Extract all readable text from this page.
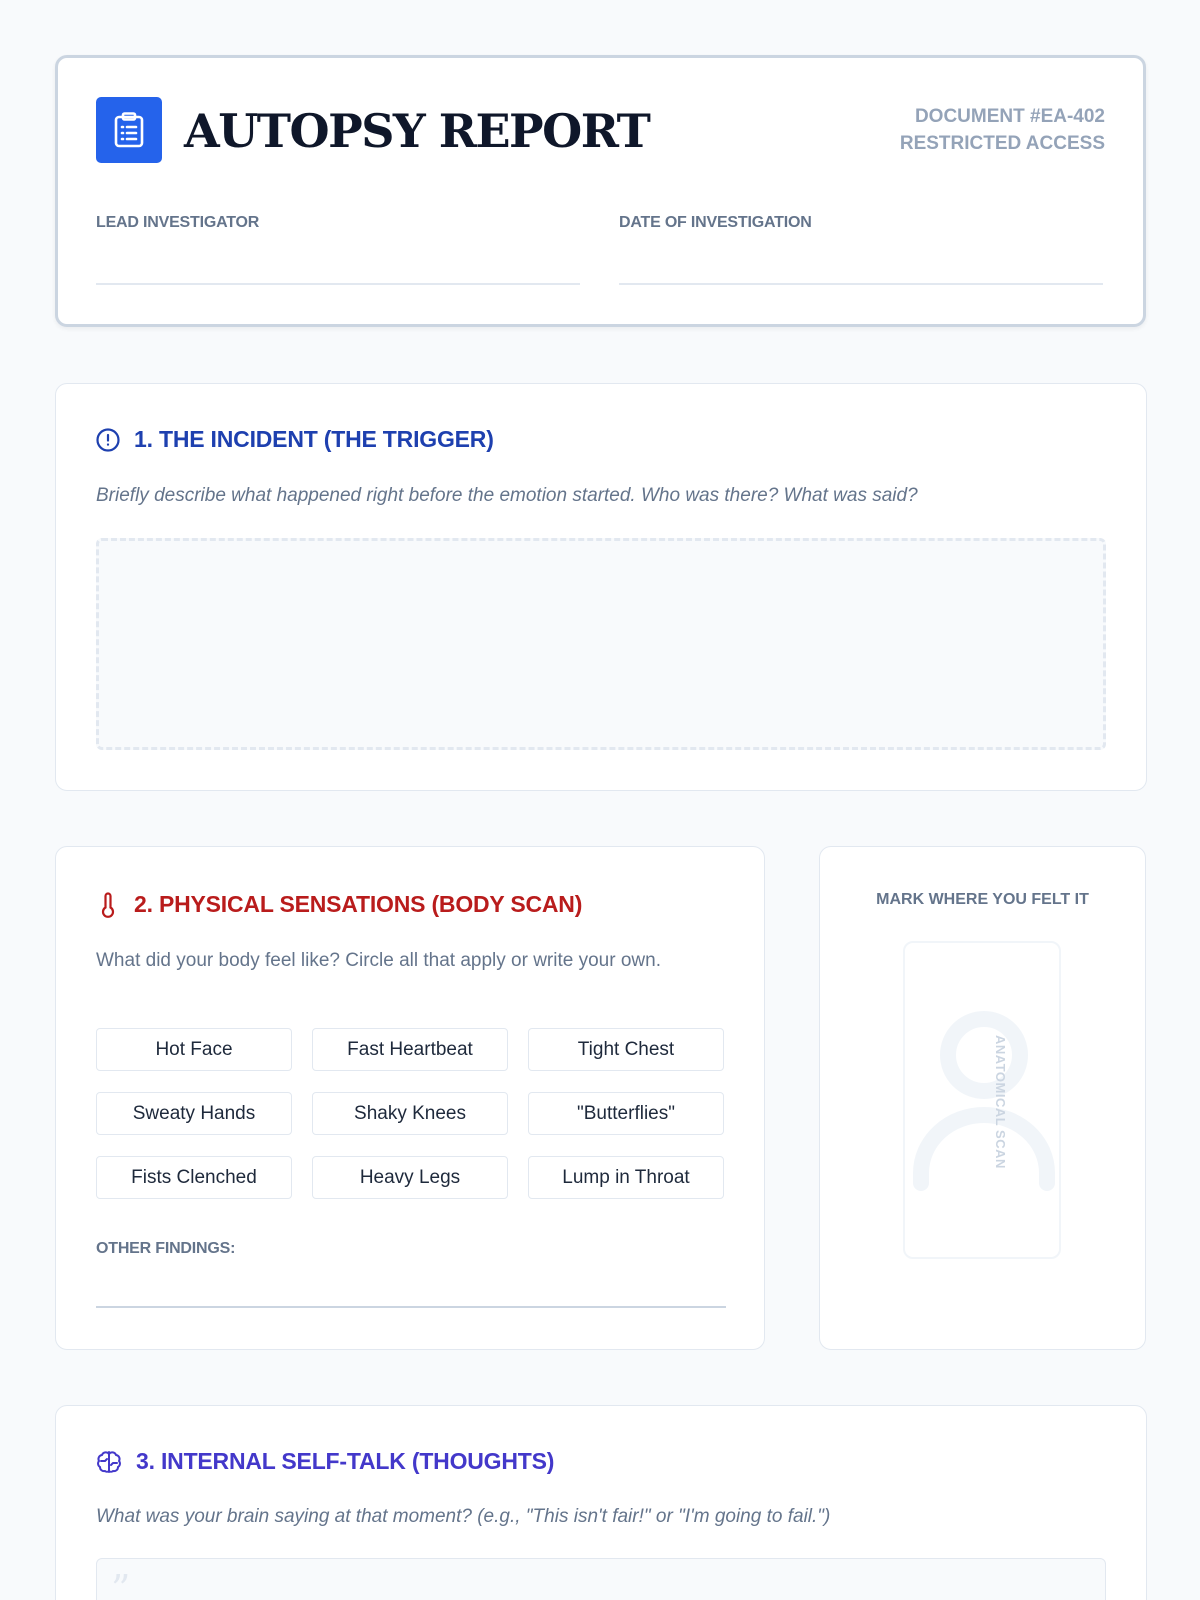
AUTOPSY REPORT	DOCUMENT #EA-402
RESTRICTED ACCESS
LEAD INVESTIGATOR	DATE OF INVESTIGATION
1. THE INCIDENT (THE TRIGGER)
Briefly describe what happened right before the emotion started. Who was there? What was said?
2. PHYSICAL SENSATIONS (BODY SCAN)
What did your body feel like? Circle all that apply or write your own.
Hot Face	Fast Heartbeat	Tight Chest
Sweaty Hands	Shaky Knees	"Butterflies"
Fists Clenched	Heavy Legs	Lump in Throat
OTHER FINDINGS:
MARK WHERE YOU FELT IT
ANATOMICAL SCAN
3. INTERNAL SELF-TALK (THOUGHTS)
What was your brain saying at that moment? (e.g., "This isn't fair!" or "I'm going to fail.")
”
